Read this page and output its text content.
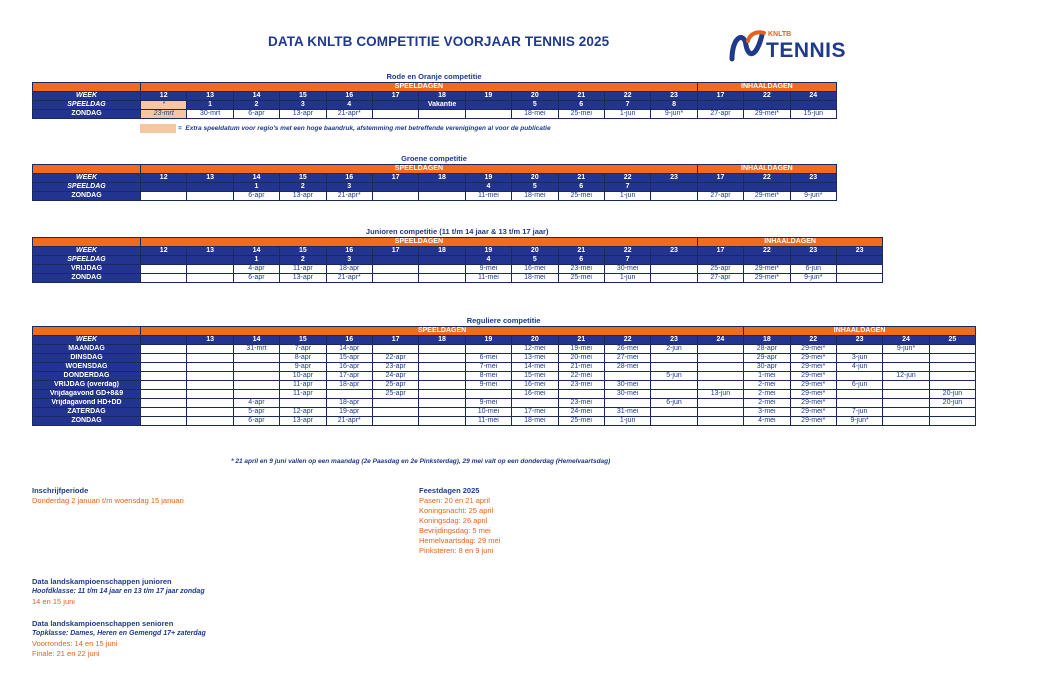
DATA KNLTB COMPETITIE VOORJAAR TENNIS 2025	KNLTB
TENNIS
Rode en Oranje competitie
	SPEELDAGEN												INHAALDAGEN		
WEEK	12	13	14	15	16	17	18	19	20	21	22	23	17	22	24
SPEELDAG	*	1	2	3	4		Vakantie		5	6	7	8			
ZONDAG	23-mrt	30-mrt	6-apr	13-apr	21-apr*				18-mei	25-mei	1-jun	9-jun*	27-apr	29-mei*	15-jun
Groene competitie
	SPEELDAGEN												INHAALDAGEN		
WEEK	12	13	14	15	16	17	18	19	20	21	22	23	17	22	23
SPEELDAG			1	2	3			4	5	6	7				
ZONDAG			6-apr	13-apr	21-apr*			11-mei	18-mei	25-mei	1-jun		27-apr	29-mei*	9-jun*
Junioren competitie (11 t/m 14 jaar & 13 t/m 17 jaar)
	SPEELDAGEN												INHAALDAGEN			
WEEK	12	13	14	15	16	17	18	19	20	21	22	23	17	22	23	23
SPEELDAG			1	2	3			4	5	6	7					
VRIJDAG			4-apr	11-apr	18-apr			9-mei	16-mei	23-mei	30-mei		25-apr	29-mei*	6-jun	
ZONDAG			6-apr	13-apr	21-apr*			11-mei	18-mei	25-mei	1-jun		27-apr	29-mei*	9-jun*	
Reguliere competitie
	SPEELDAGEN													INHAALDAGEN				
WEEK		13	14	15	16	17	18	19	20	21	22	23	24	18	22	23	24	25
MAANDAG			31-mrt	7-apr	14-apr				12-mei	19-mei	26-mei	2-jun		28-apr	29-mei*		9-jun*	
DINSDAG				8-apr	15-apr	22-apr		6-mei	13-mei	20-mei	27-mei			29-apr	29-mei*	3-jun		
WOENSDAG				9-apr	16-apr	23-apr		7-mei	14-mei	21-mei	28-mei			30-apr	29-mei*	4-jun		
DONDERDAG				10-apr	17-apr	24-apr		8-mei	15-mei	22-mei		5-jun		1-mei	29-mei*		12-jun	
VRIJDAG (overdag)				11-apr	18-apr	25-apr		9-mei	16-mei	23-mei	30-mei			2-mei	29-mei*	6-jun		
Vrijdagavond GD+8&9				11-apr		25-apr			16-mei		30-mei		13-jun	2-mei	29-mei*			20-jun
Vrijdagavond HD+DD			4-apr		18-apr			9-mei		23-mei		6-jun		2-mei	29-mei*			20-jun
ZATERDAG			5-apr	12-apr	19-apr			10-mei	17-mei	24-mei	31-mei			3-mei	29-mei*	7-jun		
ZONDAG			6-apr	13-apr	21-apr*			11-mei	18-mei	25-mei	1-jun			4-mei	29-mei*	9-jun*		
= Extra speeldatum voor regio's met een hoge baandruk, afstemming met betreffende verenigingen al voor de publicatie
* 21 april en 9 juni vallen op een maandag (2e Paasdag en 2e Pinksterdag), 29 mei valt op een donderdag (Hemelvaartsdag)
Inschrijfperiode
Donderdag 2 januari t/m woensdag 15 januari
Feestdagen 2025
Pasen: 20 en 21 april
Koningsnacht: 25 april
Koningsdag: 26 april
Bevrijdingsdag: 5 mei
Hemelvaartsdag: 29 mei
Pinksteren: 8 en 9 juni
Data landskampioenschappen junioren
Hoofdklasse: 11 t/m 14 jaar en 13 t/m 17 jaar zondag
14 en 15 juni
Data landskampioenschappen senioren
Topklasse: Dames, Heren en Gemengd 17+ zaterdag
Voorrondes: 14 en 15 juni
Finale: 21 en 22 juni
